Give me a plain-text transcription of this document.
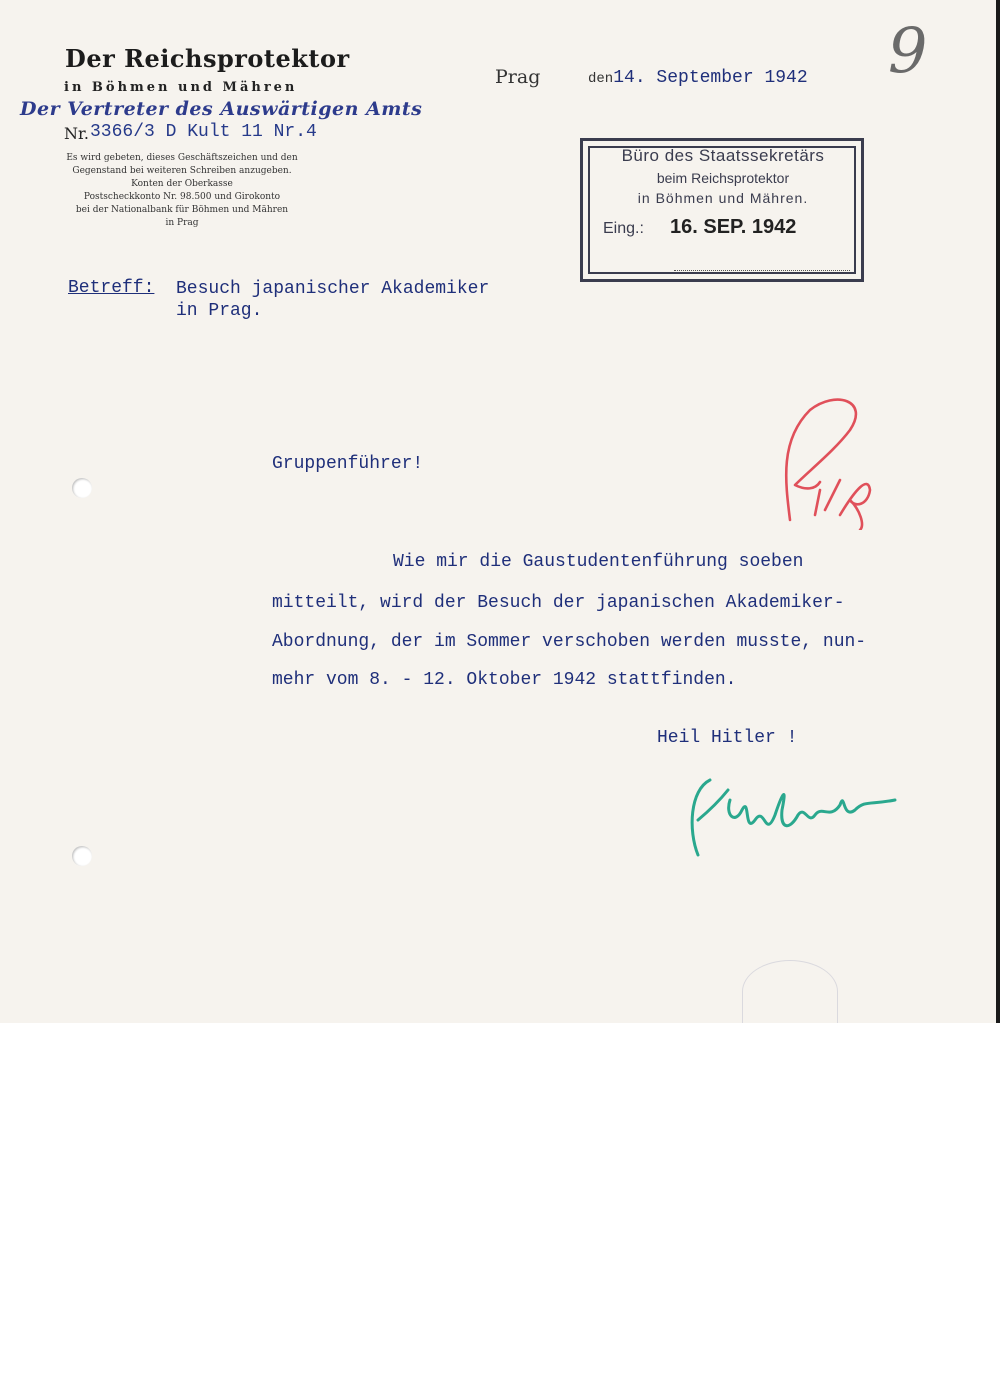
Der Reichsprotektor
in Böhmen und Mähren
Der Vertreter des Auswärtigen Amts
Nr. 3366/3 D Kult 11 Nr.4
Es wird gebeten, dieses Geschäftszeichen und den
Gegenstand bei weiteren Schreiben anzugeben.
Konten der Oberkasse
Postscheckkonto Nr. 98.500 und Girokonto
bei der Nationalbank für Böhmen und Mähren
in Prag
Prag	den14. September 1942 9
Büro des Staatssekretärs
beim Reichsprotektor
in Böhmen und Mähren.
Eing.: 16. SEP. 1942
Betreff: Besuch japanischer Akademiker
in Prag.
Gruppenführer!
Wie mir die Gaustudentenführung soeben
mitteilt, wird der Besuch der japanischen Akademiker-
Abordnung, der im Sommer verschoben werden musste, nun-
mehr vom 8. - 12. Oktober 1942 stattfinden.
Heil Hitler !
